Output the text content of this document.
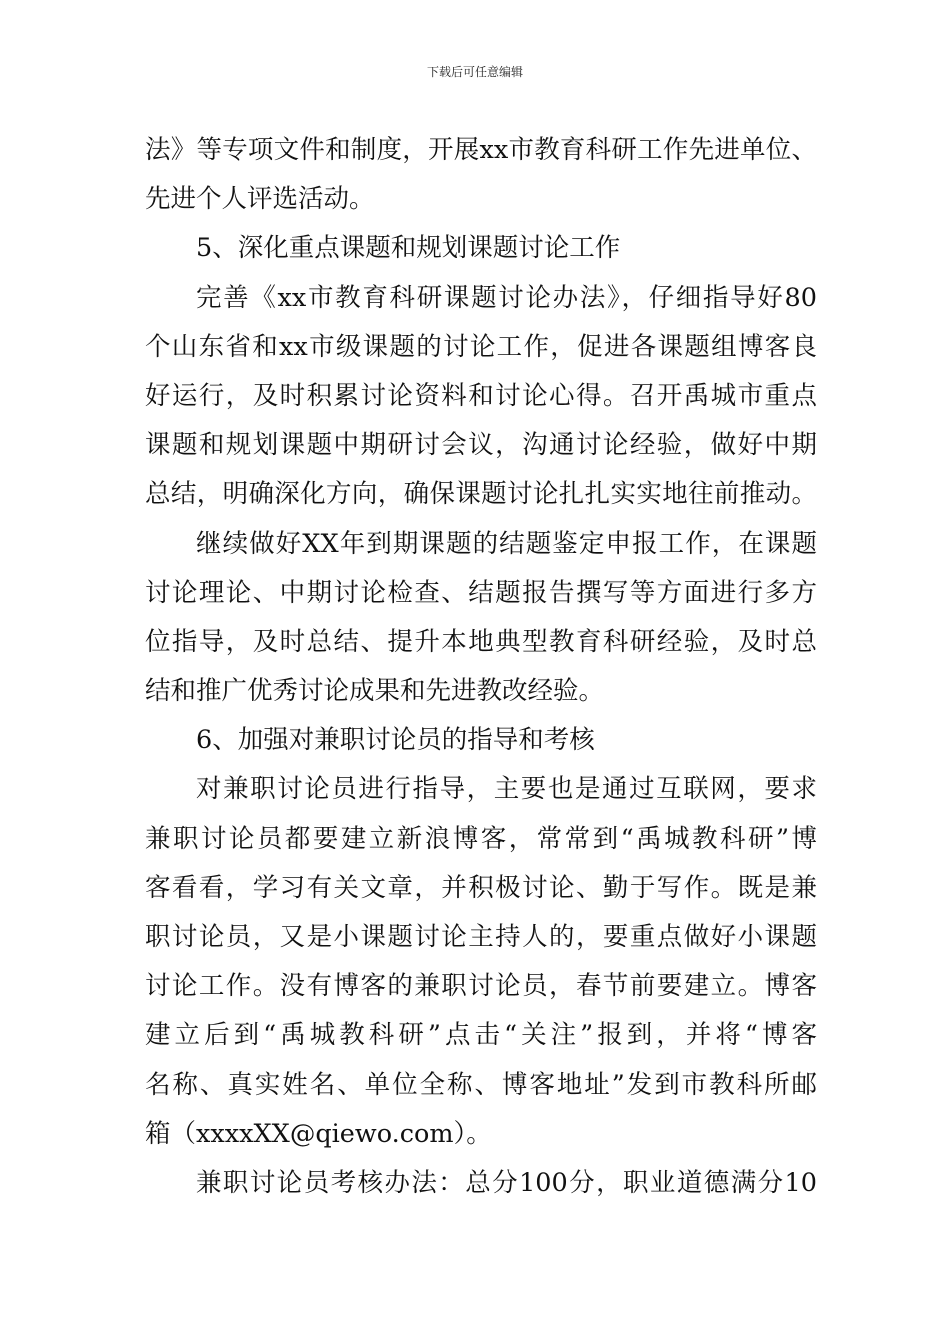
下载后可任意编辑
法》等专项文件和制度，开展xx市教育科研工作先进单位、
先进个人评选活动。
5、深化重点课题和规划课题讨论工作
完善《xx市教育科研课题讨论办法》，仔细指导好80
个山东省和xx市级课题的讨论工作，促进各课题组博客良
好运行，及时积累讨论资料和讨论心得。召开禹城市重点
课题和规划课题中期研讨会议，沟通讨论经验，做好中期
总结，明确深化方向，确保课题讨论扎扎实实地往前推动。
继续做好XX年到期课题的结题鉴定申报工作，在课题
讨论理论、中期讨论检查、结题报告撰写等方面进行多方
位指导，及时总结、提升本地典型教育科研经验，及时总
结和推广优秀讨论成果和先进教改经验。
6、加强对兼职讨论员的指导和考核
对兼职讨论员进行指导，主要也是通过互联网，要求
兼职讨论员都要建立新浪博客，常常到“禹城教科研”博
客看看，学习有关文章，并积极讨论、勤于写作。既是兼
职讨论员，又是小课题讨论主持人的，要重点做好小课题
讨论工作。没有博客的兼职讨论员，春节前要建立。博客
建立后到“禹城教科研”点击“关注”报到，并将“博客
名称、真实姓名、单位全称、博客地址”发到市教科所邮
箱（xxxxXX@qiewo.com）。
兼职讨论员考核办法：总分100分，职业道德满分10
